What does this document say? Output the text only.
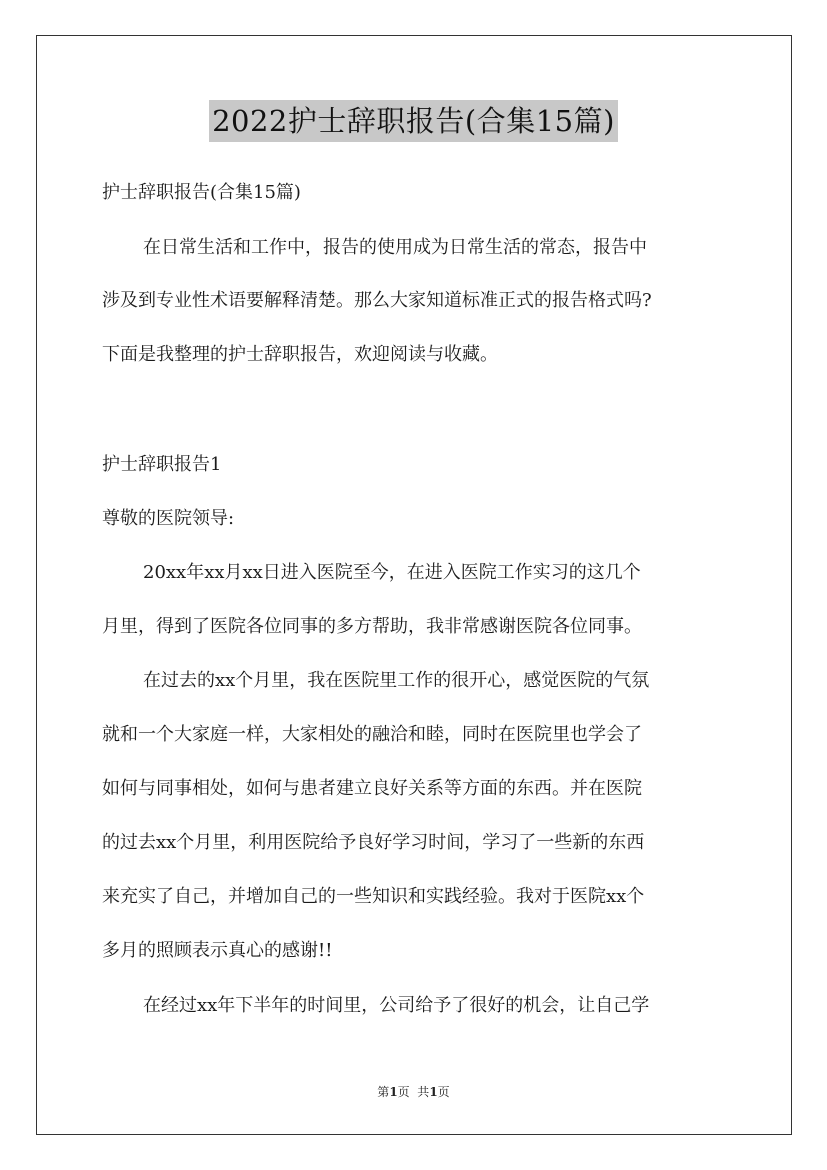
2022护士辞职报告(合集15篇)
护士辞职报告(合集15篇)
在日常生活和工作中，报告的使用成为日常生活的常态，报告中
涉及到专业性术语要解释清楚。那么大家知道标准正式的报告格式吗?
下面是我整理的护士辞职报告，欢迎阅读与收藏。
护士辞职报告1
尊敬的医院领导:
20xx年xx月xx日进入医院至今，在进入医院工作实习的这几个
月里，得到了医院各位同事的多方帮助，我非常感谢医院各位同事。
在过去的xx个月里，我在医院里工作的很开心，感觉医院的气氛
就和一个大家庭一样，大家相处的融洽和睦，同时在医院里也学会了
如何与同事相处，如何与患者建立良好关系等方面的东西。并在医院
的过去xx个月里，利用医院给予良好学习时间，学习了一些新的东西
来充实了自己，并增加自己的一些知识和实践经验。我对于医院xx个
多月的照顾表示真心的感谢!!
在经过xx年下半年的时间里，公司给予了很好的机会，让自己学
第1页  共1页
